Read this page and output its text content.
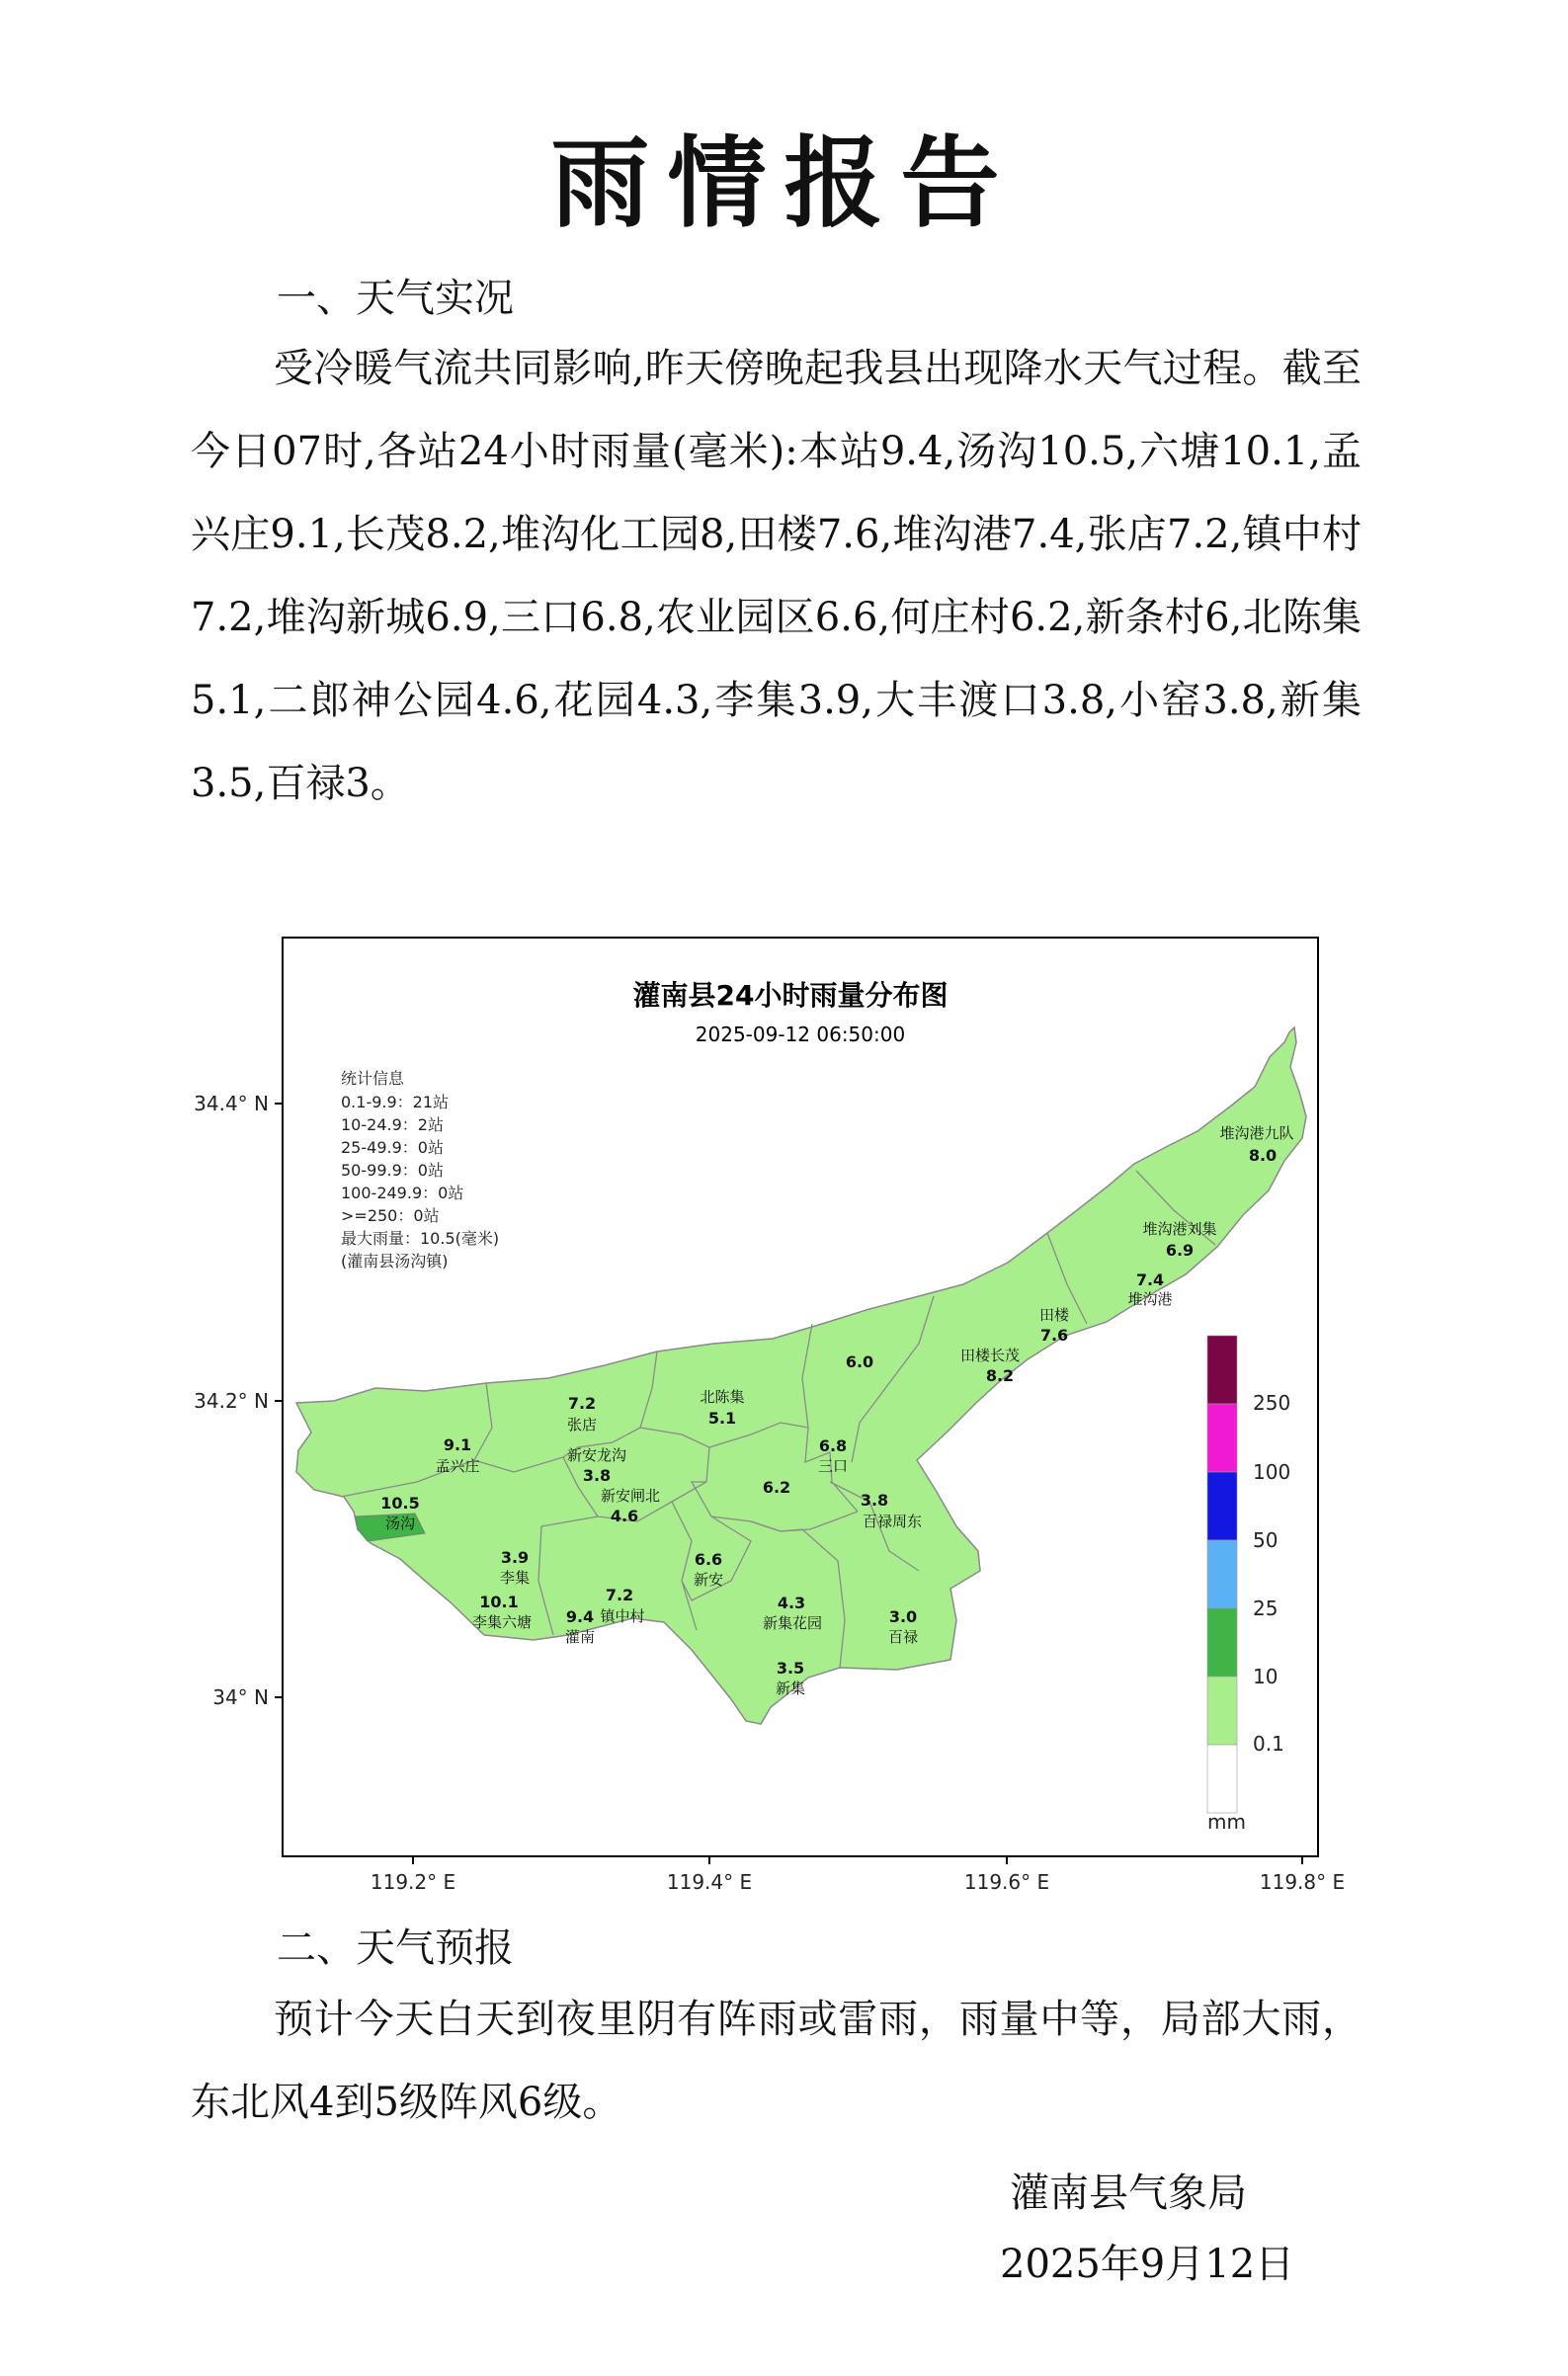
雨情报告

一、天气实况

受冷暖气流共同影响,昨天傍晚起我县出现降水天气过程。截至今日07时,各站24小时雨量(毫米):本站9.4,汤沟10.5,六塘10.1,孟兴庄9.1,长茂8.2,堆沟化工园8,田楼7.6,堆沟港7.4,张店7.2,镇中村7.2,堆沟新城6.9,三口6.8,农业园区6.6,何庄村6.2,新条村6,北陈集5.1,二郎神公园4.6,花园4.3,李集3.9,大丰渡口3.8,小窑3.8,新集3.5,百禄3。

灌南县24小时雨量分布图
2025-09-12 06:50:00
统计信息
0.1-9.9：21站
10-24.9：2站
25-49.9：0站
50-99.9：0站
100-249.9：0站
>=250：0站
最大雨量：10.5(毫米)
(灌南县汤沟镇)
34.4° N
34.2° N
34° N
119.2° E	119.4° E	119.6° E	119.8° E
250
100
50
25
10
0.1
mm
8.0
堆沟港九队
6.9
堆沟港刘集
7.4
堆沟港
7.6
田楼
8.2
田楼长茂
6.0
5.1
北陈集
7.2
张店
9.1
孟兴庄	3.8
新安龙沟
4.6
新安闸北
6.8
三口
6.2
3.8
百禄周东
10.5
汤沟
3.9
李集
10.1
李集六塘
7.2
镇中村
9.4
灌南
6.6
新安
4.3
新集花园	3.0
百禄
3.5
新集

二、天气预报

预计今天白天到夜里阴有阵雨或雷雨，雨量中等，局部大雨，东北风4到5级阵风6级。

灌南县气象局

2025年9月12日
